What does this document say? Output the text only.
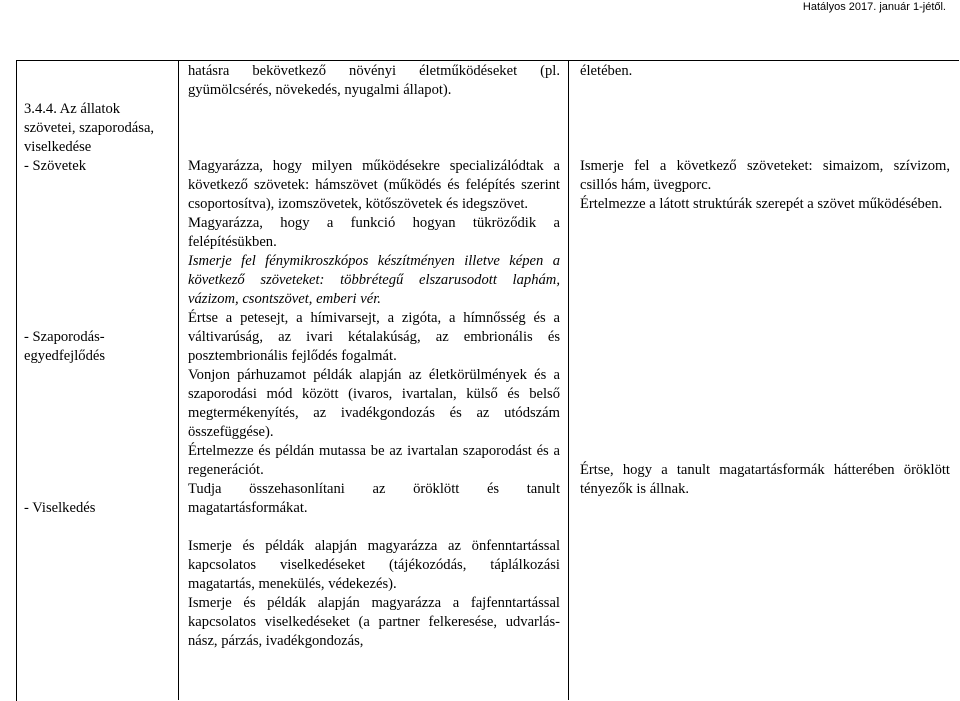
Hatályos 2017. január 1-jétől.

3.4.4. Az állatok szövetei, szaporodása, viselkedése

- Szövetek

- Szaporodás-egyedfejlődés

- Viselkedés

hatásra bekövetkező növényi életműködéseket (pl. gyümölcsérés, növekedés, nyugalmi állapot).

Magyarázza, hogy milyen működésekre specializálódtak a következő szövetek: hámszövet (működés és felépítés szerint csoportosítva), izomszövetek, kötőszövetek és idegszövet.

Magyarázza, hogy a funkció hogyan tükröződik a felépítésükben.

Ismerje fel fénymikroszkópos készítményen illetve képen a következő szöveteket: többrétegű elszarusodott laphám, vázizom, csontszövet, emberi vér.

Értse a petesejt, a hímivarsejt, a zigóta, a hímnősség és a váltivarúság, az ivari kétalakúság, az embrionális és posztembrionális fejlődés fogalmát.

Vonjon párhuzamot példák alapján az életkörülmények és a szaporodási mód között (ivaros, ivartalan, külső és belső megtermékenyítés, az ivadékgondozás és az utódszám összefüggése).

Értelmezze és példán mutassa be az ivartalan szaporodást és a regenerációt.

Tudja összehasonlítani az öröklött és tanult magatartásformákat.

Ismerje és példák alapján magyarázza az önfenntartással kapcsolatos viselkedéseket (tájékozódás, táplálkozási magatartás, menekülés, védekezés).

Ismerje és példák alapján magyarázza a fajfenntartással kapcsolatos viselkedéseket (a partner felkeresése, udvarlás-nász, párzás, ivadékgondozás,

életében.

Ismerje fel a következő szöveteket: simaizom, szívizom, csillós hám, üvegporc.

Értelmezze a látott struktúrák szerepét a szövet működésében.

Értse, hogy a tanult magatartásformák hátterében öröklött tényezők is állnak.
